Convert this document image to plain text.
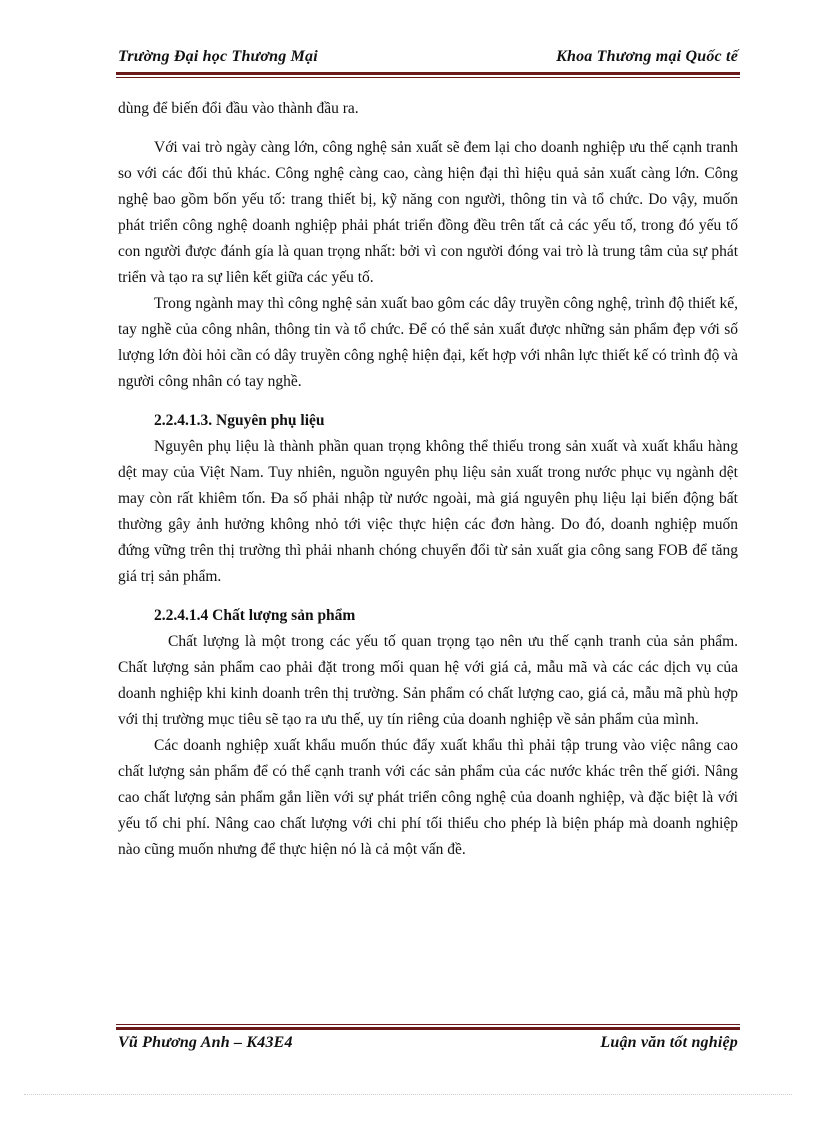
Trường Đại học Thương Mại	Khoa Thương mại Quốc tế

dùng để biến đổi đầu vào thành đầu ra.

Với vai trò ngày càng lớn, công nghệ sản xuất sẽ đem lại cho doanh nghiệp ưu thế cạnh tranh so với các đối thủ khác. Công nghệ càng cao, càng hiện đại thì hiệu quả sản xuất càng lớn. Công nghệ bao gồm bốn yếu tố: trang thiết bị, kỹ năng con người, thông tin và tổ chức. Do vậy, muốn phát triển công nghệ doanh nghiệp phải phát triển đồng đều trên tất cả các yếu tố, trong đó yếu tố con người được đánh gía là quan trọng nhất: bởi vì con người đóng vai trò là trung tâm của sự phát triển và tạo ra sự liên kết giữa các yếu tố.

Trong ngành may thì công nghệ sản xuất bao gôm các dây truyền công nghệ, trình độ thiết kế, tay nghề của công nhân, thông tin và tổ chức. Để có thể sản xuất được những sản phẩm đẹp với số lượng lớn đòi hỏi cần có dây truyền công nghệ hiện đại, kết hợp với nhân lực thiết kế có trình độ và người công nhân có tay nghề.

2.2.4.1.3. Nguyên phụ liệu

Nguyên phụ liệu là thành phần quan trọng không thể thiếu trong sản xuất và xuất khẩu hàng dệt may của Việt Nam. Tuy nhiên, nguồn nguyên phụ liệu sản xuất trong nước phục vụ ngành dệt may còn rất khiêm tốn. Đa số phải nhập từ nước ngoài, mà giá nguyên phụ liệu lại biến động bất thường gây ảnh hưởng không nhỏ tới việc thực hiện các đơn hàng. Do đó, doanh nghiệp muốn đứng vững trên thị trường thì phải nhanh chóng chuyển đổi từ sản xuất gia công sang FOB để tăng giá trị sản phẩm.

2.2.4.1.4 Chất lượng sản phẩm

Chất lượng là một trong các yếu tố quan trọng tạo nên ưu thế cạnh tranh của sản phẩm. Chất lượng sản phẩm cao phải đặt trong mối quan hệ với giá cả, mẫu mã và các các dịch vụ của doanh nghiệp khi kinh doanh trên thị trường. Sản phẩm có chất lượng cao, giá cả, mẫu mã phù hợp với thị trường mục tiêu sẽ tạo ra ưu thế, uy tín riêng của doanh nghiệp về sản phẩm của mình.

Các doanh nghiệp xuất khẩu muốn thúc đẩy xuất khẩu thì phải tập trung vào việc nâng cao chất lượng sản phẩm để có thể cạnh tranh với các sản phẩm của các nước khác trên thế giới. Nâng cao chất lượng sản phẩm gắn liền với sự phát triển công nghệ của doanh nghiệp, và đặc biệt là với yếu tố chi phí. Nâng cao chất lượng với chi phí tối thiểu cho phép là biện pháp mà doanh nghiệp nào cũng muốn nhưng để thực hiện nó là cả một vấn đề.

Vũ Phương Anh – K43E4	Luận văn tốt nghiệp
